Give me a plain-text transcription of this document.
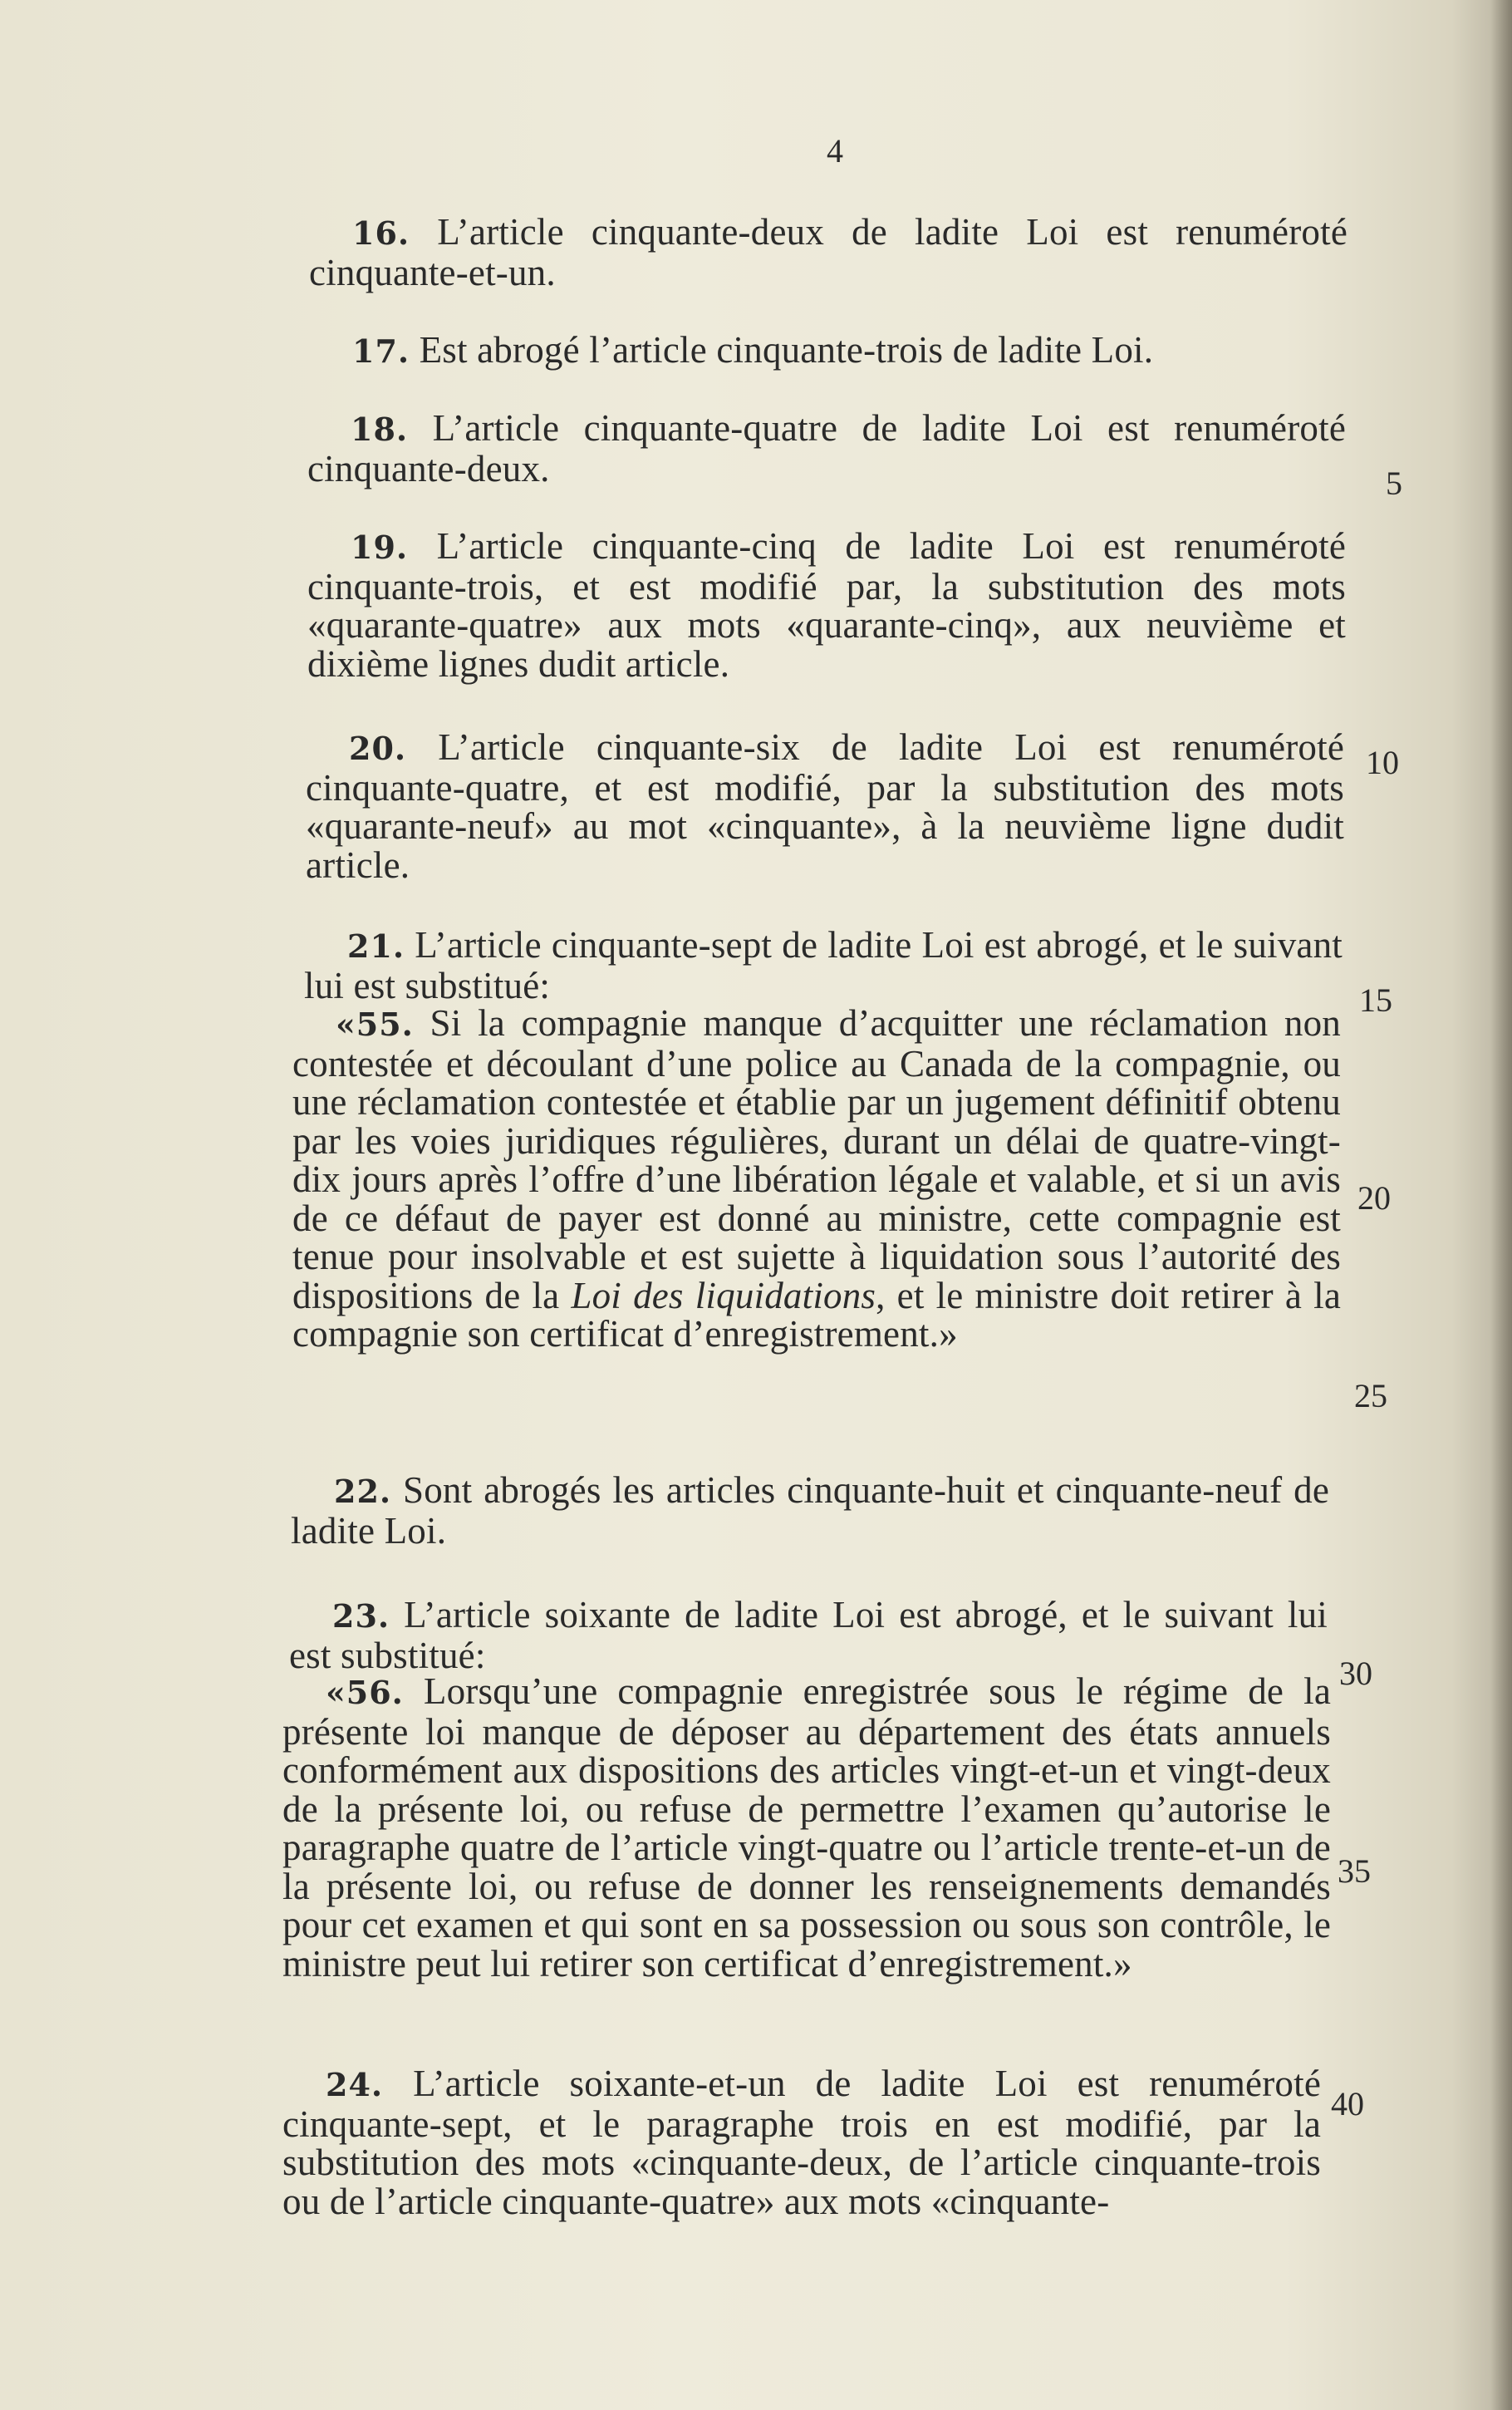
4

16. L’article cinquante-deux de ladite Loi est renuméroté cinquante-et-un.

17. Est abrogé l’article cinquante-trois de ladite Loi.

18. L’article cinquante-quatre de ladite Loi est renuméroté cinquante-deux.

19. L’article cinquante-cinq de ladite Loi est renuméroté cinquante-trois, et est modifié par, la substitution des mots «quarante-quatre» aux mots «quarante-cinq», aux neuvième et dixième lignes dudit article.

20. L’article cinquante-six de ladite Loi est renuméroté cinquante-quatre, et est modifié, par la substitution des mots «quarante-neuf» au mot «cinquante», à la neuvième ligne dudit article.

21. L’article cinquante-sept de ladite Loi est abrogé, et le suivant lui est substitué:

«55. Si la compagnie manque d’acquitter une réclamation non contestée et découlant d’une police au Canada de la compagnie, ou une réclamation contestée et établie par un jugement définitif obtenu par les voies juridiques régulières, durant un délai de quatre-vingt-dix jours après l’offre d’une libération légale et valable, et si un avis de ce défaut de payer est donné au ministre, cette compagnie est tenue pour insolvable et est sujette à liquidation sous l’autorité des dispositions de la Loi des liquidations, et le ministre doit retirer à la compagnie son certificat d’enregistrement.»

22. Sont abrogés les articles cinquante-huit et cinquante-neuf de ladite Loi.

23. L’article soixante de ladite Loi est abrogé, et le suivant lui est substitué:

«56. Lorsqu’une compagnie enregistrée sous le régime de la présente loi manque de déposer au département des états annuels conformément aux dispositions des articles vingt-et-un et vingt-deux de la présente loi, ou refuse de permettre l’examen qu’autorise le paragraphe quatre de l’article vingt-quatre ou l’article trente-et-un de la présente loi, ou refuse de donner les renseignements demandés pour cet examen et qui sont en sa possession ou sous son contrôle, le ministre peut lui retirer son certificat d’enregistrement.»

24. L’article soixante-et-un de ladite Loi est renuméroté cinquante-sept, et le paragraphe trois en est modifié, par la substitution des mots «cinquante-deux, de l’article cinquante-trois ou de l’article cinquante-quatre» aux mots «cinquante-

5
10
15
20
25
30
35
40
